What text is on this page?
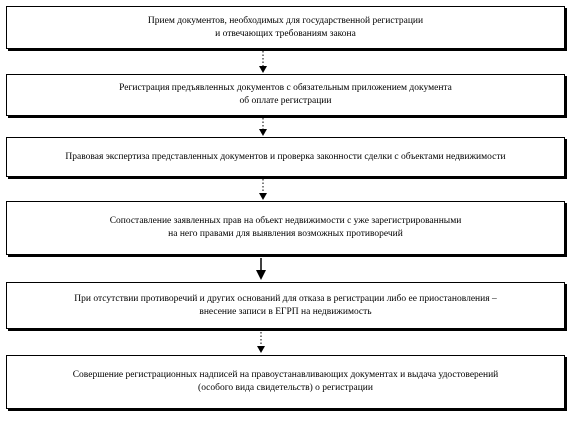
Прием документов, необходимых для государственной регистрации
и отвечающих требованиям закона
Регистрация предъявленных документов с обязательным приложением документа
об оплате регистрации
Правовая экспертиза представленных документов и проверка законности сделки с объектами недвижимости
Сопоставление заявленных прав на объект недвижимости с уже зарегистрированными
на него правами для выявления возможных противоречий
При отсутствии противоречий и других оснований для отказа в регистрации либо ее приостановления –
внесение записи в ЕГРП на недвижимость
Совершение регистрационных надписей на правоустанавливающих документах и выдача удостоверений
(особого вида свидетельств) о регистрации
